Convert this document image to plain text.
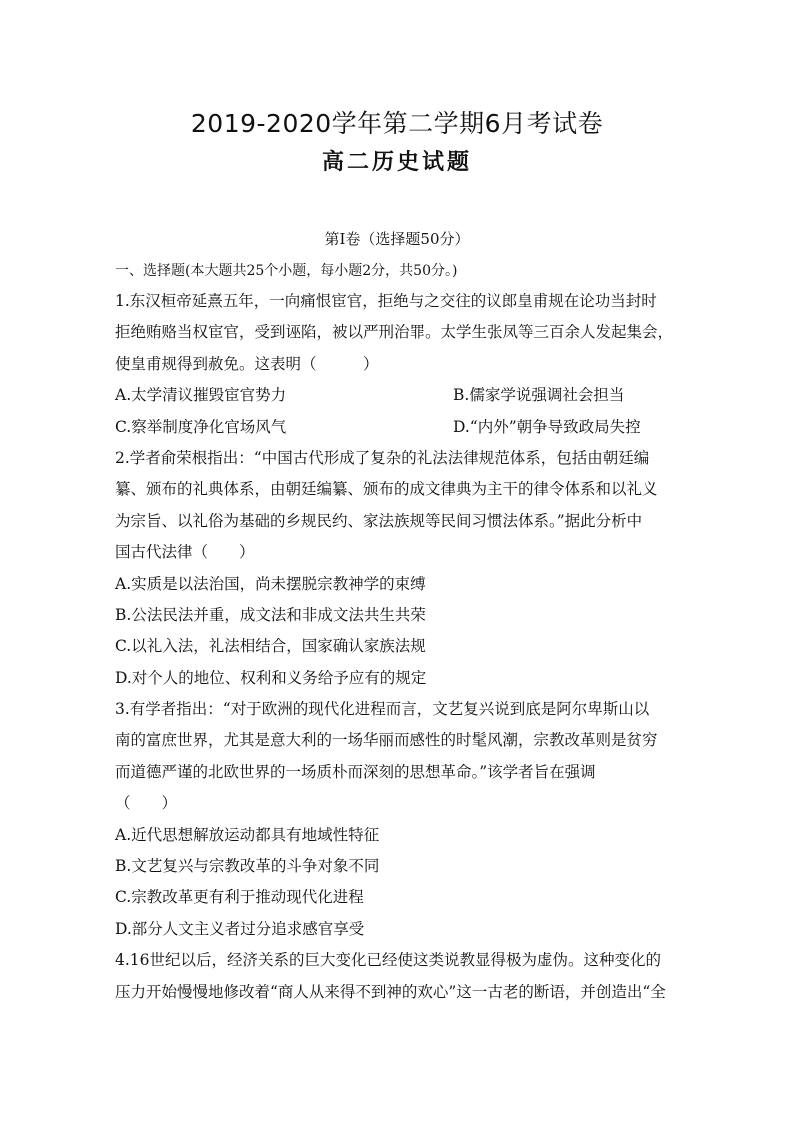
2019-2020学年第二学期6月考试卷
高二历史试题
第Ⅰ卷（选择题50分）
一、选择题(本大题共25个小题，每小题2分，共50分。)
1.东汉桓帝延熹五年，一向痛恨宦官，拒绝与之交往的议郎皇甫规在论功当封时
拒绝贿赂当权宦官，受到诬陷，被以严刑治罪。太学生张凤等三百余人发起集会，
使皇甫规得到赦免。这表明（　　　）
A.太学清议摧毁宦官势力	B.儒家学说强调社会担当
C.察举制度净化官场风气	D.“内外”朝争导致政局失控
2.学者俞荣根指出：“中国古代形成了复杂的礼法法律规范体系，包括由朝廷编
纂、颁布的礼典体系，由朝廷编纂、颁布的成文律典为主干的律令体系和以礼义
为宗旨、以礼俗为基础的乡规民约、家法族规等民间习惯法体系。”据此分析中
国古代法律（　　）
A.实质是以法治国，尚未摆脱宗教神学的束缚
B.公法民法并重，成文法和非成文法共生共荣
C.以礼入法，礼法相结合，国家确认家族法规
D.对个人的地位、权利和义务给予应有的规定
3.有学者指出：“对于欧洲的现代化进程而言，文艺复兴说到底是阿尔卑斯山以
南的富庶世界，尤其是意大利的一场华丽而感性的时髦风潮，宗教改革则是贫穷
而道德严谨的北欧世界的一场质朴而深刻的思想革命。”该学者旨在强调
（　　）
A.近代思想解放运动都具有地域性特征
B.文艺复兴与宗教改革的斗争对象不同
C.宗教改革更有利于推动现代化进程
D.部分人文主义者过分追求感官享受
4.16世纪以后，经济关系的巨大变化已经使这类说教显得极为虚伪。这种变化的
压力开始慢慢地修改着“商人从来得不到神的欢心”这一古老的断语，并创造出“全
